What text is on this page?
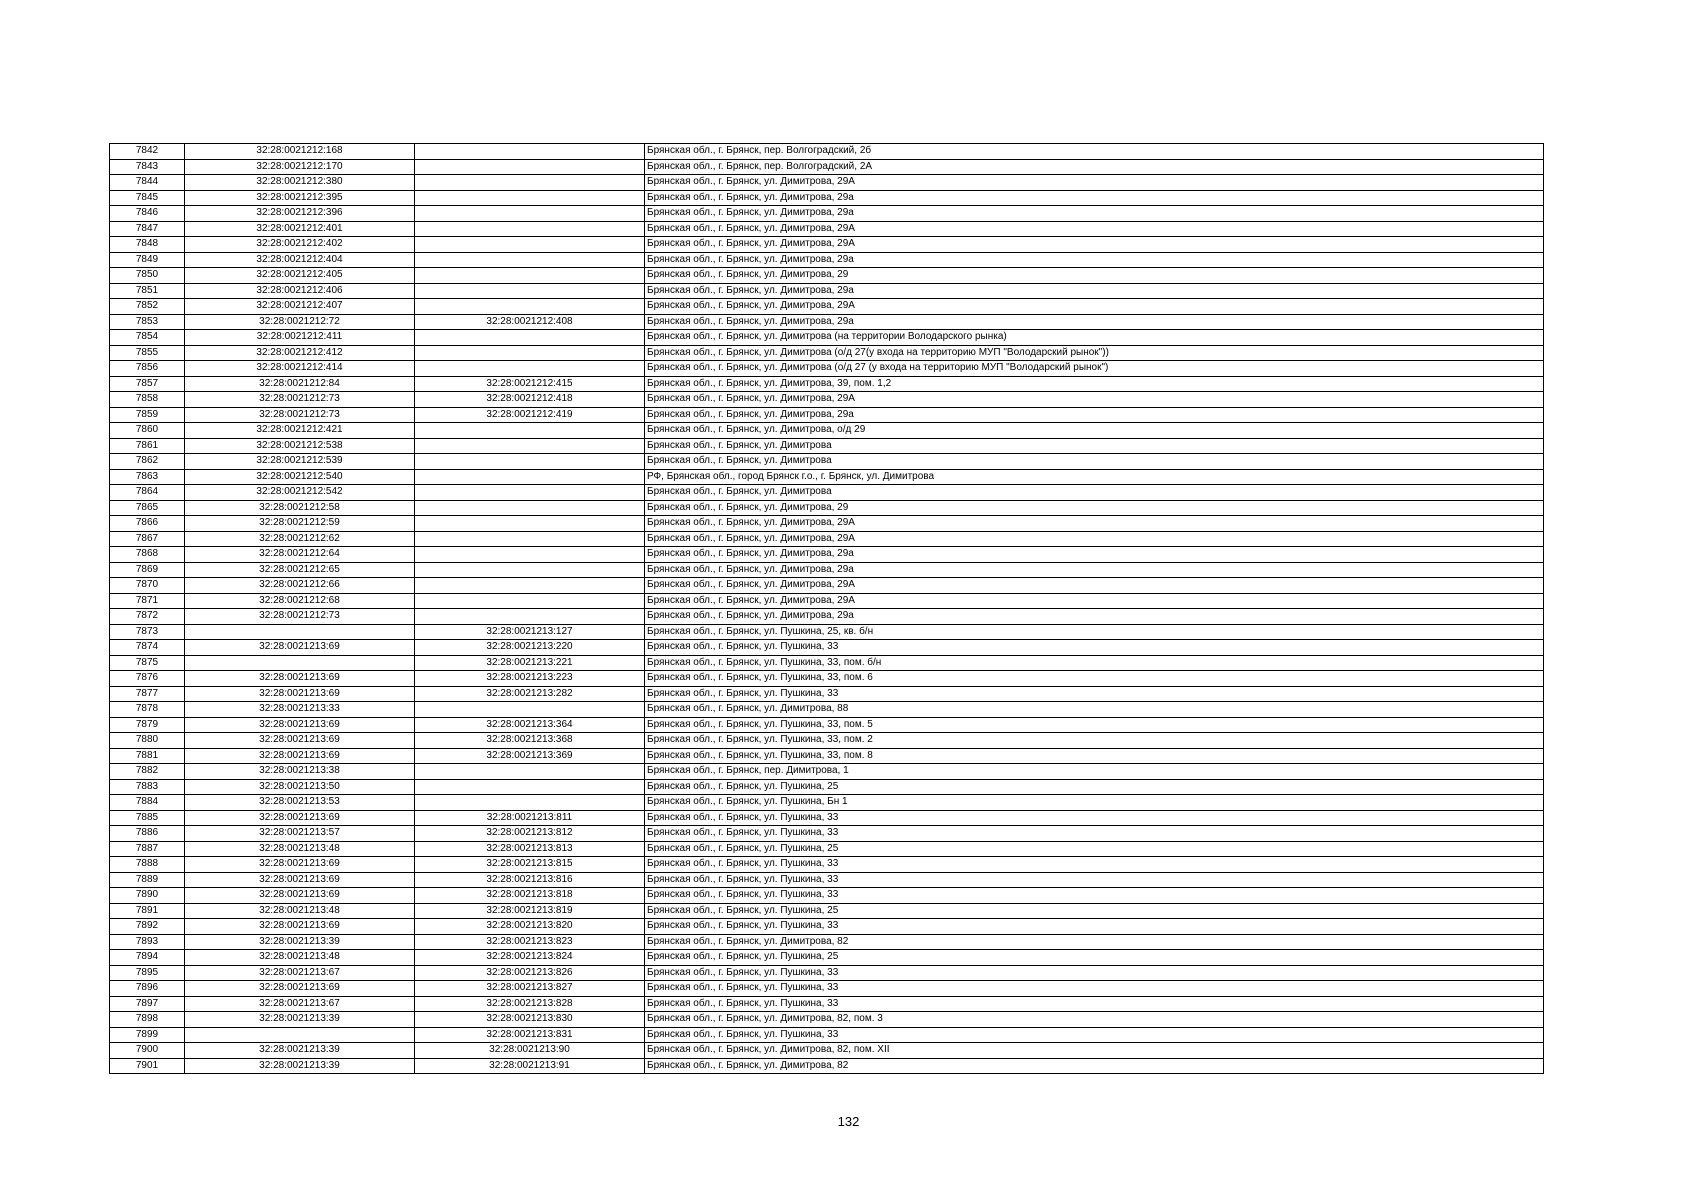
7842	32:28:0021212:168		Брянская обл., г. Брянск, пер. Волгоградский, 2б
7843	32:28:0021212:170		Брянская обл., г. Брянск, пер. Волгоградский, 2А
7844	32:28:0021212:380		Брянская обл., г. Брянск, ул. Димитрова, 29А
7845	32:28:0021212:395		Брянская обл., г. Брянск, ул. Димитрова, 29а
7846	32:28:0021212:396		Брянская обл., г. Брянск, ул. Димитрова, 29а
7847	32:28:0021212:401		Брянская обл., г. Брянск, ул. Димитрова, 29А
7848	32:28:0021212:402		Брянская обл., г. Брянск, ул. Димитрова, 29А
7849	32:28:0021212:404		Брянская обл., г. Брянск, ул. Димитрова, 29а
7850	32:28:0021212:405		Брянская обл., г. Брянск, ул. Димитрова, 29
7851	32:28:0021212:406		Брянская обл., г. Брянск, ул. Димитрова, 29а
7852	32:28:0021212:407		Брянская обл., г. Брянск, ул. Димитрова, 29А
7853	32:28:0021212:72	32:28:0021212:408	Брянская обл., г. Брянск, ул. Димитрова, 29а
7854	32:28:0021212:411		Брянская обл., г. Брянск, ул. Димитрова (на территории Володарского рынка)
7855	32:28:0021212:412		Брянская обл., г. Брянск, ул. Димитрова (о/д 27(у входа на территорию МУП "Володарский рынок"))
7856	32:28:0021212:414		Брянская обл., г. Брянск, ул. Димитрова (о/д 27 (у входа на территорию МУП "Володарский рынок")
7857	32:28:0021212:84	32:28:0021212:415	Брянская обл., г. Брянск, ул. Димитрова, 39, пом. 1,2
7858	32:28:0021212:73	32:28:0021212:418	Брянская обл., г. Брянск, ул. Димитрова, 29А
7859	32:28:0021212:73	32:28:0021212:419	Брянская обл., г. Брянск, ул. Димитрова, 29а
7860	32:28:0021212:421		Брянская обл., г. Брянск, ул. Димитрова, о/д 29
7861	32:28:0021212:538		Брянская обл., г. Брянск, ул. Димитрова
7862	32:28:0021212:539		Брянская обл., г. Брянск, ул. Димитрова
7863	32:28:0021212:540		РФ, Брянская обл., город Брянск г.о., г. Брянск, ул. Димитрова
7864	32:28:0021212:542		Брянская обл., г. Брянск, ул. Димитрова
7865	32:28:0021212:58		Брянская обл., г. Брянск, ул. Димитрова, 29
7866	32:28:0021212:59		Брянская обл., г. Брянск, ул. Димитрова, 29А
7867	32:28:0021212:62		Брянская обл., г. Брянск, ул. Димитрова, 29А
7868	32:28:0021212:64		Брянская обл., г. Брянск, ул. Димитрова, 29а
7869	32:28:0021212:65		Брянская обл., г. Брянск, ул. Димитрова, 29а
7870	32:28:0021212:66		Брянская обл., г. Брянск, ул. Димитрова, 29А
7871	32:28:0021212:68		Брянская обл., г. Брянск, ул. Димитрова, 29А
7872	32:28:0021212:73		Брянская обл., г. Брянск, ул. Димитрова, 29а
7873		32:28:0021213:127	Брянская обл., г. Брянск, ул. Пушкина, 25, кв. б/н
7874	32:28:0021213:69	32:28:0021213:220	Брянская обл., г. Брянск, ул. Пушкина, 33
7875		32:28:0021213:221	Брянская обл., г. Брянск, ул. Пушкина, 33, пом. б/н
7876	32:28:0021213:69	32:28:0021213:223	Брянская обл., г. Брянск, ул. Пушкина, 33, пом. 6
7877	32:28:0021213:69	32:28:0021213:282	Брянская обл., г. Брянск, ул. Пушкина, 33
7878	32:28:0021213:33		Брянская обл., г. Брянск, ул. Димитрова, 88
7879	32:28:0021213:69	32:28:0021213:364	Брянская обл., г. Брянск, ул. Пушкина, 33, пом. 5
7880	32:28:0021213:69	32:28:0021213:368	Брянская обл., г. Брянск, ул. Пушкина, 33, пом. 2
7881	32:28:0021213:69	32:28:0021213:369	Брянская обл., г. Брянск, ул. Пушкина, 33, пом. 8
7882	32:28:0021213:38		Брянская обл., г. Брянск, пер. Димитрова, 1
7883	32:28:0021213:50		Брянская обл., г. Брянск, ул. Пушкина, 25
7884	32:28:0021213:53		Брянская обл., г. Брянск, ул. Пушкина, Бн 1
7885	32:28:0021213:69	32:28:0021213:811	Брянская обл., г. Брянск, ул. Пушкина, 33
7886	32:28:0021213:57	32:28:0021213:812	Брянская обл., г. Брянск, ул. Пушкина, 33
7887	32:28:0021213:48	32:28:0021213:813	Брянская обл., г. Брянск, ул. Пушкина, 25
7888	32:28:0021213:69	32:28:0021213:815	Брянская обл., г. Брянск, ул. Пушкина, 33
7889	32:28:0021213:69	32:28:0021213:816	Брянская обл., г. Брянск, ул. Пушкина, 33
7890	32:28:0021213:69	32:28:0021213:818	Брянская обл., г. Брянск, ул. Пушкина, 33
7891	32:28:0021213:48	32:28:0021213:819	Брянская обл., г. Брянск, ул. Пушкина, 25
7892	32:28:0021213:69	32:28:0021213:820	Брянская обл., г. Брянск, ул. Пушкина, 33
7893	32:28:0021213:39	32:28:0021213:823	Брянская обл., г. Брянск, ул. Димитрова, 82
7894	32:28:0021213:48	32:28:0021213:824	Брянская обл., г. Брянск, ул. Пушкина, 25
7895	32:28:0021213:67	32:28:0021213:826	Брянская обл., г. Брянск, ул. Пушкина, 33
7896	32:28:0021213:69	32:28:0021213:827	Брянская обл., г. Брянск, ул. Пушкина, 33
7897	32:28:0021213:67	32:28:0021213:828	Брянская обл., г. Брянск, ул. Пушкина, 33
7898	32:28:0021213:39	32:28:0021213:830	Брянская обл., г. Брянск, ул. Димитрова, 82, пом. 3
7899		32:28:0021213:831	Брянская обл., г. Брянск, ул. Пушкина, 33
7900	32:28:0021213:39	32:28:0021213:90	Брянская обл., г. Брянск, ул. Димитрова, 82, пом. XII
7901	32:28:0021213:39	32:28:0021213:91	Брянская обл., г. Брянск, ул. Димитрова, 82
132
